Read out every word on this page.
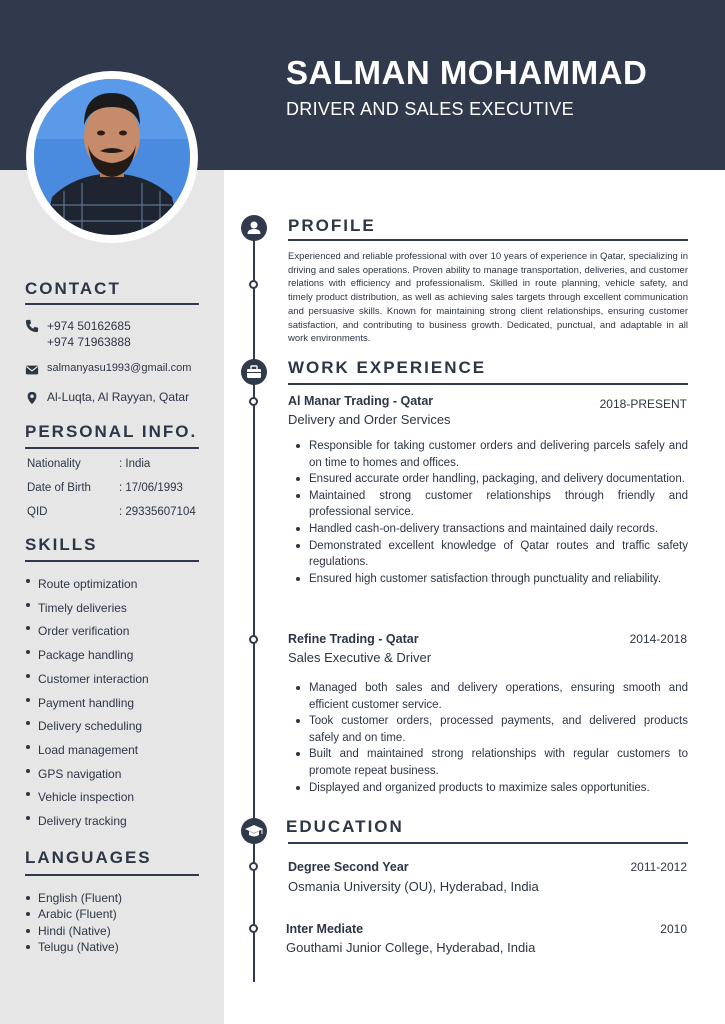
SALMAN MOHAMMAD
DRIVER AND SALES EXECUTIVE
CONTACT
+974 50162685
+974 71963888
salmanyasu1993@gmail.com
Al-Luqta, Al Rayyan, Qatar
PERSONAL INFO.
Nationality	: India
Date of Birth	: 17/06/1993
QID	: 29335607104
SKILLS
Route optimization
Timely deliveries
Order verification
Package handling
Customer interaction
Payment handling
Delivery scheduling
Load management
GPS navigation
Vehicle inspection
Delivery tracking
LANGUAGES
English (Fluent)
Arabic (Fluent)
Hindi (Native)
Telugu (Native)
PROFILE
Experienced and reliable professional with over 10 years of experience in Qatar, specializing in driving and sales operations. Proven ability to manage transportation, deliveries, and customer relations with efficiency and professionalism. Skilled in route planning, vehicle safety, and timely product distribution, as well as achieving sales targets through excellent communication and persuasive skills. Known for maintaining strong client relationships, ensuring customer satisfaction, and contributing to business growth. Dedicated, punctual, and adaptable in all work environments.
WORK EXPERIENCE
Al Manar Trading - Qatar	2018-PRESENT
Delivery and Order Services
Responsible for taking customer orders and delivering parcels safely and on time to homes and offices.
Ensured accurate order handling, packaging, and delivery documentation.
Maintained strong customer relationships through friendly and professional service.
Handled cash-on-delivery transactions and maintained daily records.
Demonstrated excellent knowledge of Qatar routes and traffic safety regulations.
Ensured high customer satisfaction through punctuality and reliability.
Refine Trading - Qatar	2014-2018
Sales Executive & Driver
Managed both sales and delivery operations, ensuring smooth and efficient customer service.
Took customer orders, processed payments, and delivered products safely and on time.
Built and maintained strong relationships with regular customers to promote repeat business.
Displayed and organized products to maximize sales opportunities.
EDUCATION
Degree Second Year	2011-2012
Osmania University (OU), Hyderabad, India
Inter Mediate	2010
Gouthami Junior College, Hyderabad, India
